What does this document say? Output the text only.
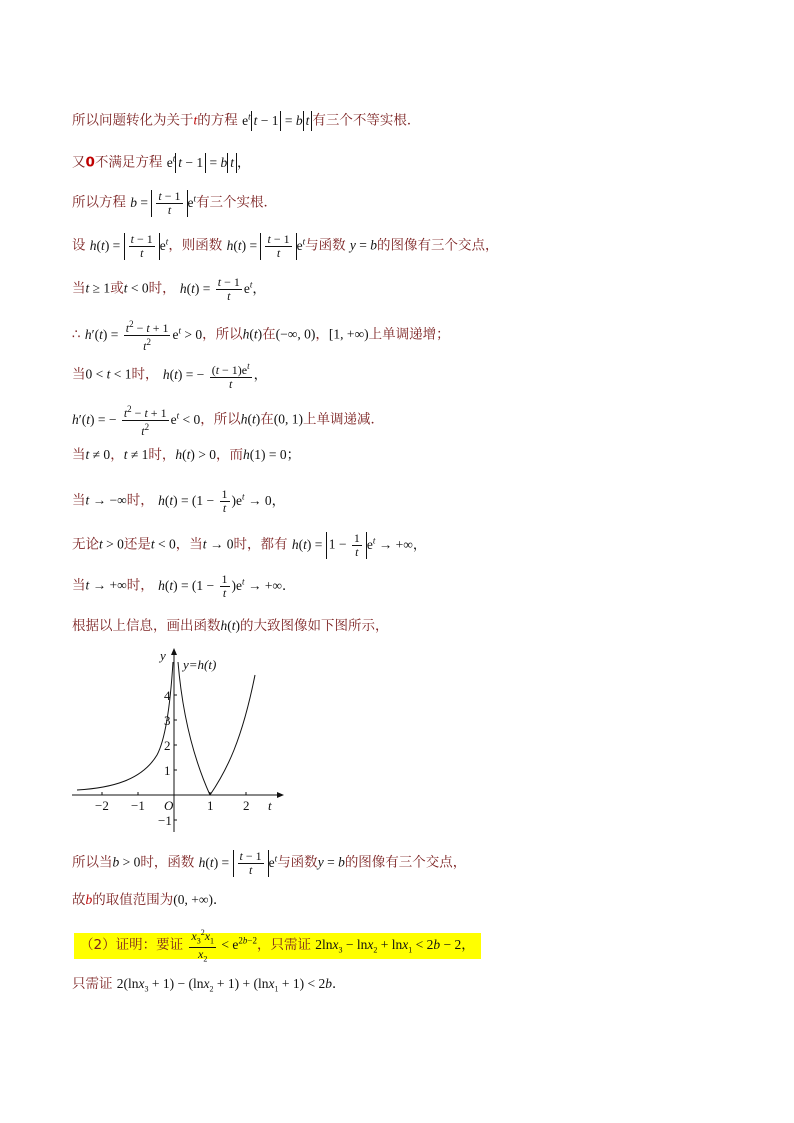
所以问题转化为关于t的方程 $e^t$ t − 1 = b t 有三个不等实根．
又0不满足方程 $e^t$ t − 1 = b t ，
所以方程 $b = \frac{t - 1}{t} e^t$有三个实根．
设 $h(t) = \frac{t - 1}{t} e^t$，则函数 $h(t) = \frac{t - 1}{t} e^t$与函数 y = b的图像有三个交点，
当t ≥ 1或t < 0时， $h(t) = \frac{t - 1}{t} e^t$，
∴ $h'(t) = \frac{t^2 - t + 1}{t^2} e^t > 0$，所以h(t)在(−∞, 0)，[1, +∞)上单调递增；
当0 < t < 1时， h(t) = − $\frac{(t - 1)e^t}{t}$ ，
h′(t) = − $\frac{t^2 - t + 1}{t^2} e^t < 0$，所以h(t)在(0, 1)上单调递减．
当t ≠ 0，t ≠ 1时，h(t) > 0，而h(1) = 0；
当t → −∞时， $h(t) = (1 - \frac{1}{t} )e^t \to 0$，
无论t > 0还是t < 0，当t → 0时，都有 $h(t) = 1 - \frac{1}{t} e^t$ → +∞，
当t → +∞时， $h(t) = (1 - \frac{1}{t} )e^t$ → +∞．
根据以上信息，画出函数h(t)的大致图像如下图所示，
−2 −1	1 2
O
4
3
2
1
−1
y
t
y=h(t)
所以当b > 0时，函数 $h(t) = \frac{t - 1}{t} e^t$与函数y = b的图像有三个交点，
故b的取值范围为(0, +∞)．
（2）证明：要证 $\frac{x_3^2x_1}{x_2} < e^{2b-2}$，只需证 2lnx$_3$ − lnx$_2$ + lnx$_1$ < 2b − 2，
只需证 2(lnx$_3$ + 1) − (lnx$_2$ + 1) + (lnx$_1$ + 1) < 2b．
